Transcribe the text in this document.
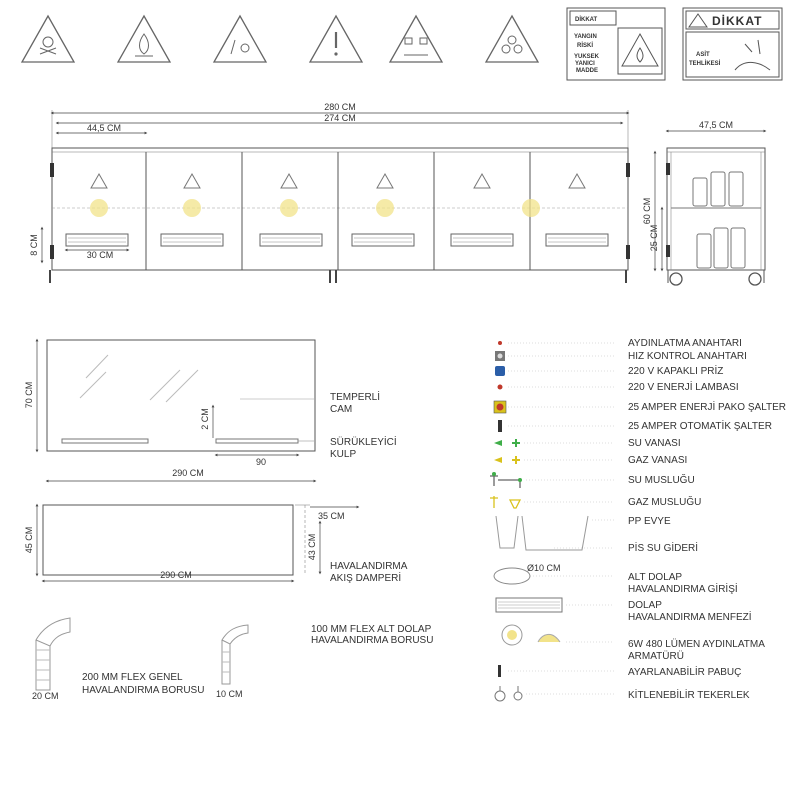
DİKKAT
YANGIN
RİSKİ
YUKSEK
YANICI
MADDE
DİKKAT
ASİT
TEHLİKESİ
280 CM
274 CM
44,5 CM
30 CM
8 CM
47,5 CM
60 CM
25 CM
70 CM
2 CM
90
290 CM
TEMPERLİ
CAM
SÜRÜKLEYİCİ
KULP
45 CM
35 CM
43 CM
290 CM
HAVALANDIRMA
AKIŞ DAMPERİ
100 MM FLEX ALT DOLAP
HAVALANDIRMA BORUSU
200 MM FLEX GENEL
HAVALANDIRMA BORUSU
20 CM	10 CM
AYDINLATMA ANAHTARI
HIZ KONTROL ANAHTARI
220 V KAPAKLI PRİZ
220 V ENERJİ LAMBASI
25 AMPER ENERJİ PAKO ŞALTER
25 AMPER OTOMATİK ŞALTER
SU VANASI
GAZ VANASI
SU MUSLUĞU
GAZ MUSLUĞU
PP EVYE
PİS SU GİDERİ
Ø10 CM
ALT DOLAP
HAVALANDIRMA GİRİŞİ
DOLAP
HAVALANDIRMA MENFEZİ
6W 480 LÜMEN AYDINLATMA
ARMATÜRÜ
AYARLANABİLİR PABUÇ
KİTLENEBİLİR TEKERLEK
